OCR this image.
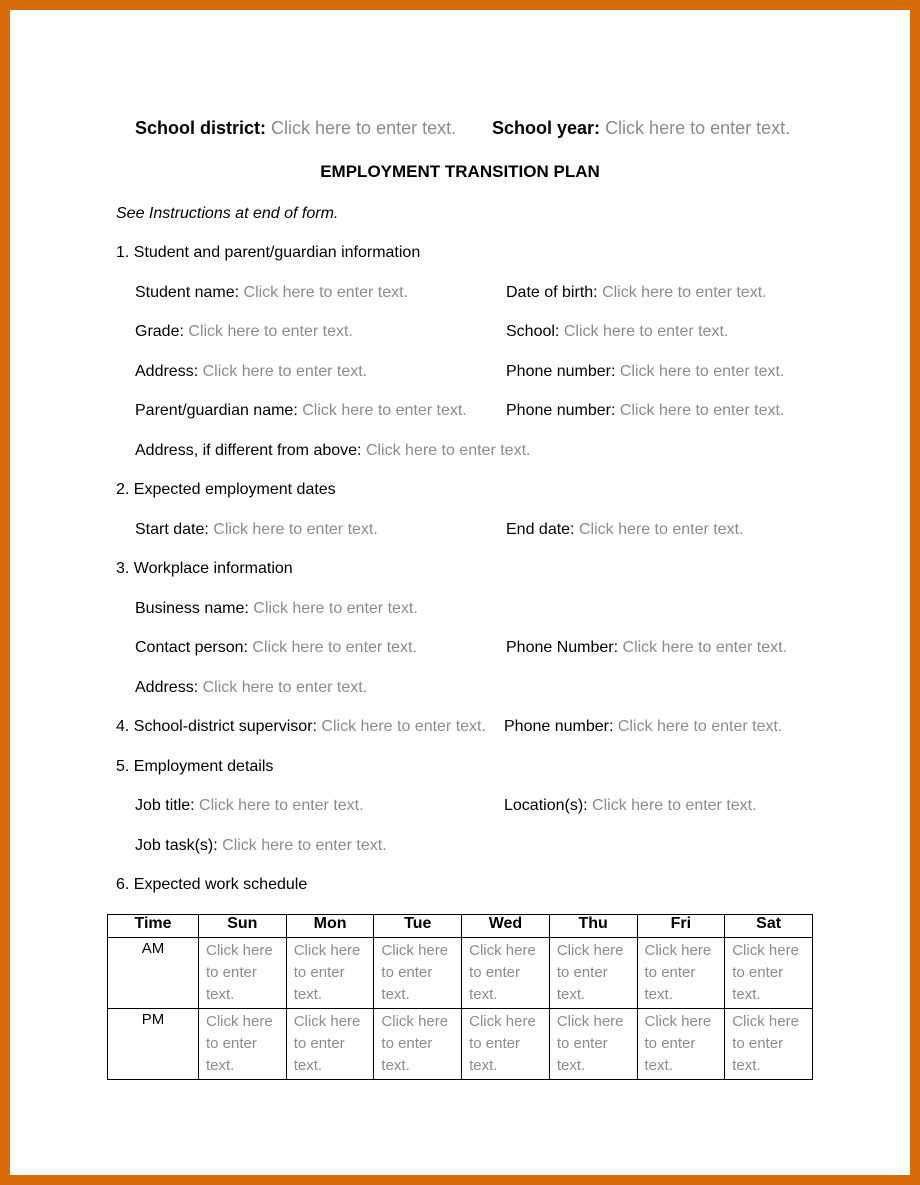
School district: Click here to enter text. School year: Click here to enter text.
EMPLOYMENT TRANSITION PLAN
See Instructions at end of form.
1. Student and parent/guardian information
Student name: Click here to enter text.	Date of birth: Click here to enter text.
Grade: Click here to enter text.	School: Click here to enter text.
Address: Click here to enter text.	Phone number: Click here to enter text.
Parent/guardian name: Click here to enter text. Phone number: Click here to enter text.
Address, if different from above: Click here to enter text.
2. Expected employment dates
Start date: Click here to enter text.	End date: Click here to enter text.
3. Workplace information
Business name: Click here to enter text.
Contact person: Click here to enter text.	Phone Number: Click here to enter text.
Address: Click here to enter text.
4. School-district supervisor: Click here to enter text. Phone number: Click here to enter text.
5. Employment details
Job title: Click here to enter text.	Location(s): Click here to enter text.
Job task(s): Click here to enter text.
6. Expected work schedule
Time	Sun	Mon	Tue	Wed	Thu	Fri	Sat
AM	Click here to enter text.	Click here to enter text.	Click here to enter text.	Click here to enter text.	Click here to enter text.	Click here to enter text.	Click here to enter text.
PM	Click here to enter text.	Click here to enter text.	Click here to enter text.	Click here to enter text.	Click here to enter text.	Click here to enter text.	Click here to enter text.
